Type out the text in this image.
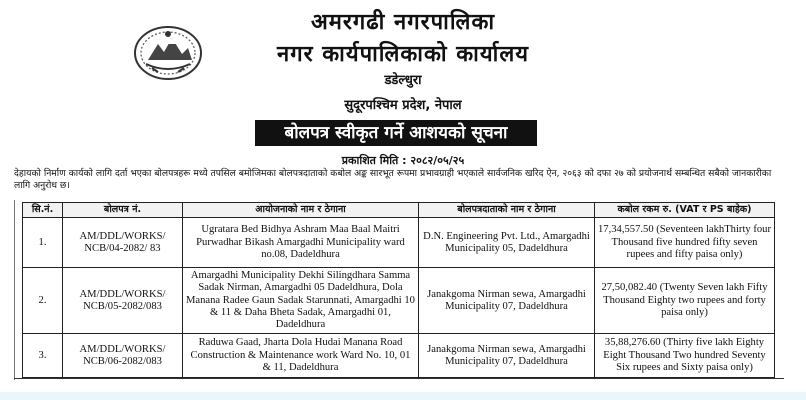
अमरगढी नगरपालिका
नगर कार्यपालिकाको कार्यालय
डडेल्धुरा
सुदूरपश्चिम प्रदेश, नेपाल
बोलपत्र स्वीकृत गर्ने आशयको सूचना
प्रकाशित मिति : २०८२/०५/२५
देहायको निर्माण कार्यको लागि दर्ता भएका बोलपत्रहरू मध्ये तपसिल बमोजिमका बोलपत्रदाताको कबोल अङ्क सारभूत रूपमा प्रभावग्राही भएकाले सार्वजनिक खरिद ऐन, २०६३ को दफा २७ को प्रयोजनार्थ सम्बन्धित सबैको जानकारीका लागि अनुरोध छ।
सि.नं.	बोलपत्र नं.	आयोजनाको नाम र ठेगाना	बोलपत्रदाताको नाम र ठेगाना	कबोल रकम रु. (VAT र PS बाहेक)
1.	AM/DDL/WORKS/ NCB/04-2082/ 83	Ugratara Bed Bidhya Ashram Maa Baal Maitri Purwadhar Bikash Amargadhi Municipality ward no.08, Dadeldhura	D.N. Engineering Pvt. Ltd., Amargadhi Municipality 05, Dadeldhura	17,34,557.50 (Seventeen lakhThirty four Thousand five hundred fifty seven rupees and fifty paisa only)
2.	AM/DDL/WORKS/ NCB/05-2082/083	Amargadhi Municipality Dekhi Silingdhara Samma Sadak Nirman, Amargadhi 05 Dadeldhura, Dola Manana Radee Gaun Sadak Starunnati, Amargadhi 10 & 11 & Daha Bheta Sadak, Amargadhi 01, Dadeldhura	Janakgoma Nirman sewa, Amargadhi Municipality 07, Dadeldhura	27,50,082.40 (Twenty Seven lakh Fifty Thousand Eighty two rupees and forty paisa only)
3.	AM/DDL/WORKS/ NCB/06-2082/083	Raduwa Gaad, Jharta Dola Hudai Manana Road Construction & Maintenance work Ward No. 10, 01 & 11, Dadeldhura	Janakgoma Nirman sewa, Amargadhi Municipality 07, Dadeldhura	35,88,276.60 (Thirty five lakh Eighty Eight Thousand Two hundred Seventy Six rupees and Sixty paisa only)
